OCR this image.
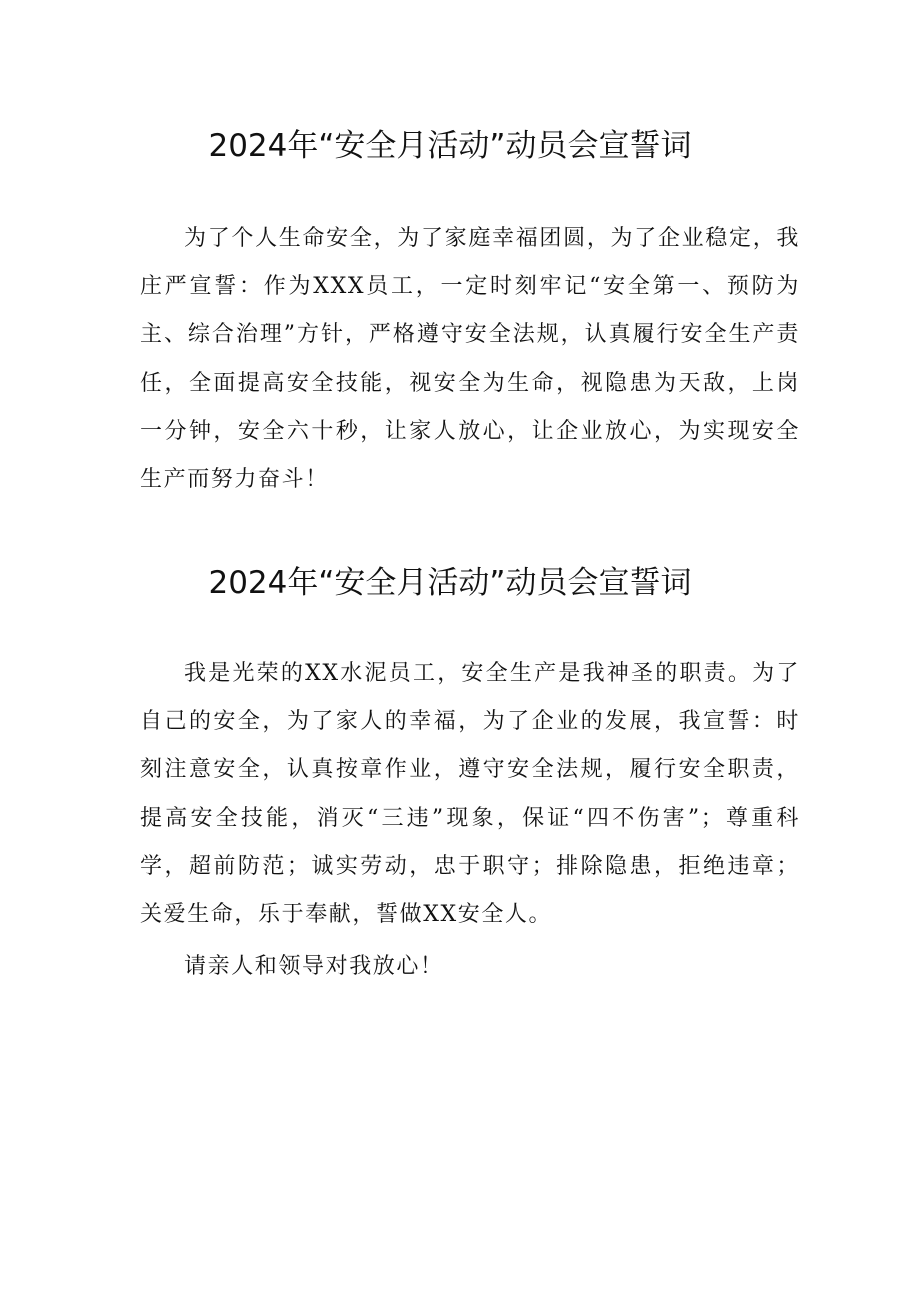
2024年“安全月活动”动员会宣誓词

为了个人生命安全，为了家庭幸福团圆，为了企业稳定，我庄严宣誓：作为XXX员工，一定时刻牢记“安全第一、预防为主、综合治理”方针，严格遵守安全法规，认真履行安全生产责任，全面提高安全技能，视安全为生命，视隐患为天敌，上岗一分钟，安全六十秒，让家人放心，让企业放心，为实现安全生产而努力奋斗！

2024年“安全月活动”动员会宣誓词

我是光荣的XX水泥员工，安全生产是我神圣的职责。为了自己的安全，为了家人的幸福，为了企业的发展，我宣誓：时刻注意安全，认真按章作业，遵守安全法规，履行安全职责，提高安全技能，消灭“三违”现象，保证“四不伤害”；尊重科学，超前防范；诚实劳动，忠于职守；排除隐患，拒绝违章；关爱生命，乐于奉献，誓做XX安全人。

请亲人和领导对我放心！
